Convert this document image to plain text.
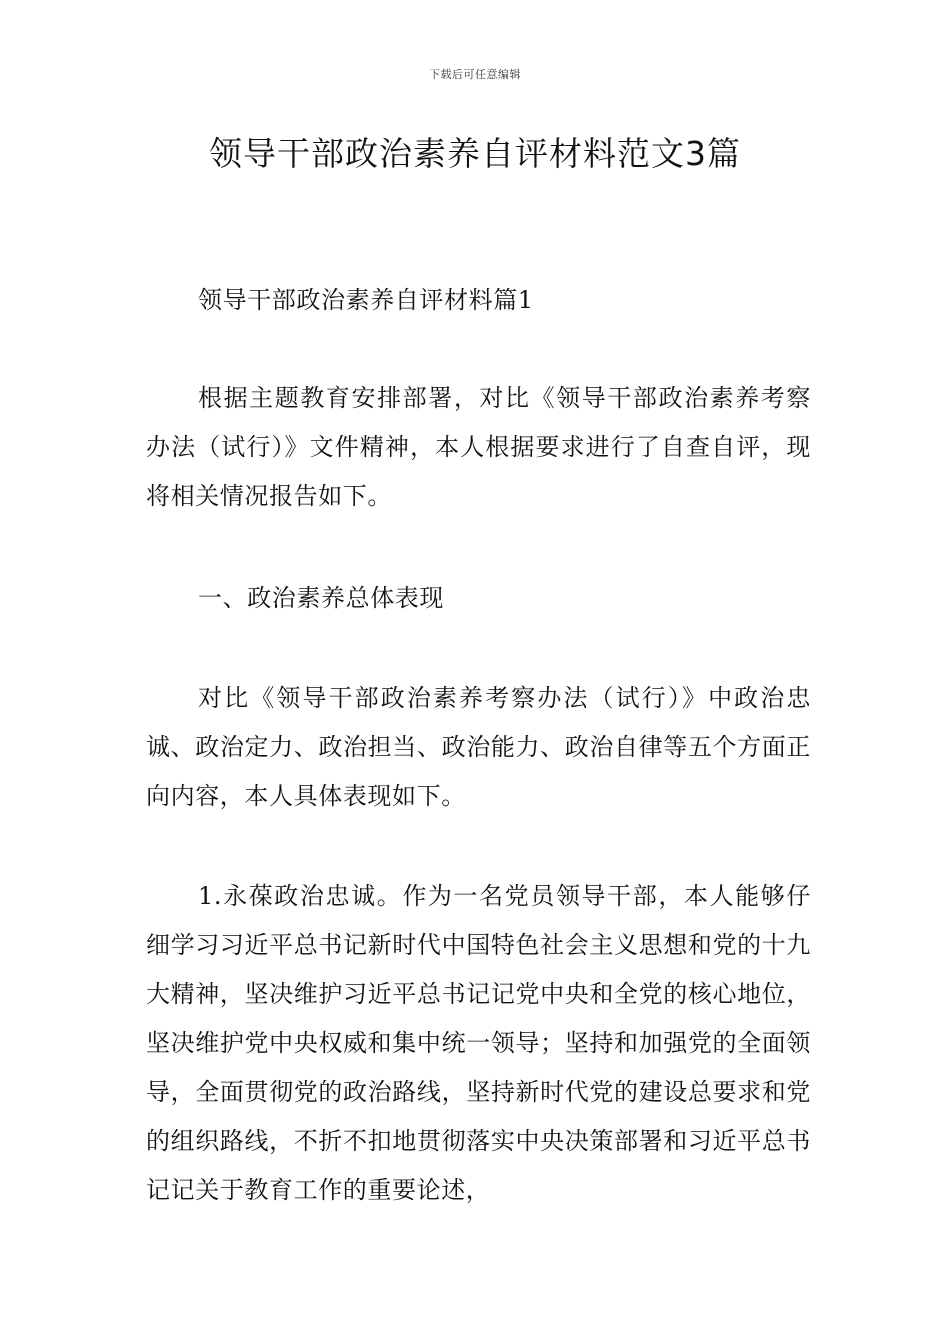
下载后可任意编辑
领导干部政治素养自评材料范文3篇

领导干部政治素养自评材料篇1

根据主题教育安排部署，对比《领导干部政治素养考察办法（试行）》文件精神，本人根据要求进行了自查自评，现将相关情况报告如下。

一、政治素养总体表现

对比《领导干部政治素养考察办法（试行）》中政治忠诚、政治定力、政治担当、政治能力、政治自律等五个方面正向内容，本人具体表现如下。

1.永葆政治忠诚。作为一名党员领导干部，本人能够仔细学习习近平总书记新时代中国特色社会主义思想和党的十九大精神，坚决维护习近平总书记记党中央和全党的核心地位，坚决维护党中央权威和集中统一领导；坚持和加强党的全面领导，全面贯彻党的政治路线，坚持新时代党的建设总要求和党的组织路线，不折不扣地贯彻落实中央决策部署和习近平总书记记关于教育工作的重要论述，
